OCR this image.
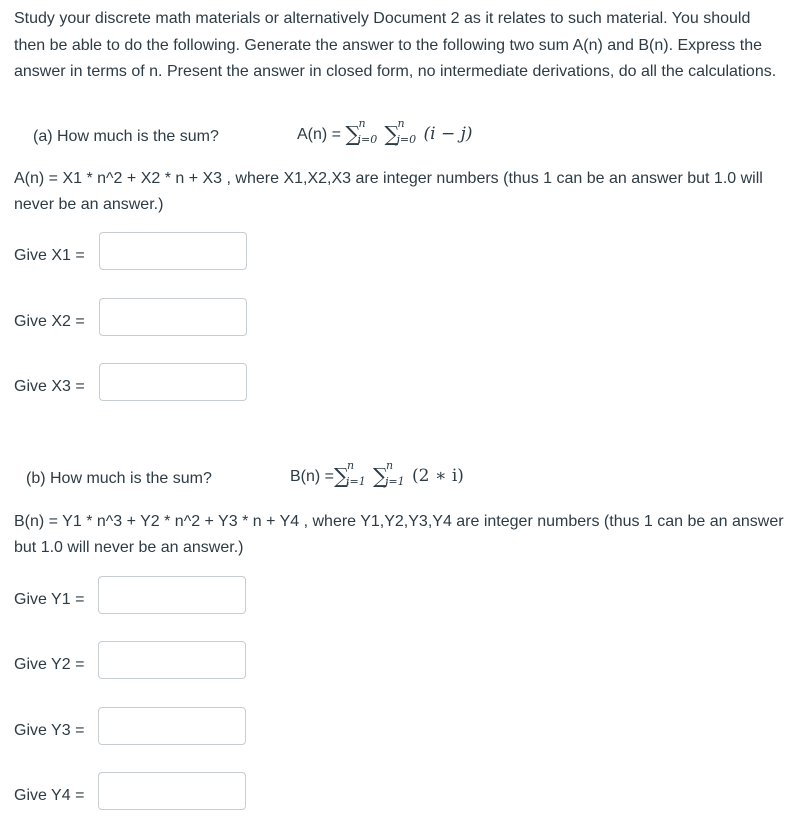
Study your discrete math materials or alternatively Document 2 as it relates to such material. You should then be able to do the following. Generate the answer to the following two sum A(n) and B(n). Express the answer in terms of n. Present the answer in closed form, no intermediate derivations, do all the calculations.

(a) How much is the sum?	A(n) = ∑
n
i=0 ∑
n
j=0 (i − j)

A(n) = X1 * n^2 + X2 * n + X3 , where X1,X2,X3 are integer numbers (thus 1 can be an answer but 1.0 will never be an answer.)

Give X1 =
Give X2 =
Give X3 =
(b) How much is the sum?	B(n) =∑
n
i=1 ∑
n
j=1 (2 ∗ i)

B(n) = Y1 * n^3 + Y2 * n^2 + Y3 * n + Y4 , where Y1,Y2,Y3,Y4 are integer numbers (thus 1 can be an answer but 1.0 will never be an answer.)

Give Y1 =
Give Y2 =
Give Y3 =
Give Y4 =
